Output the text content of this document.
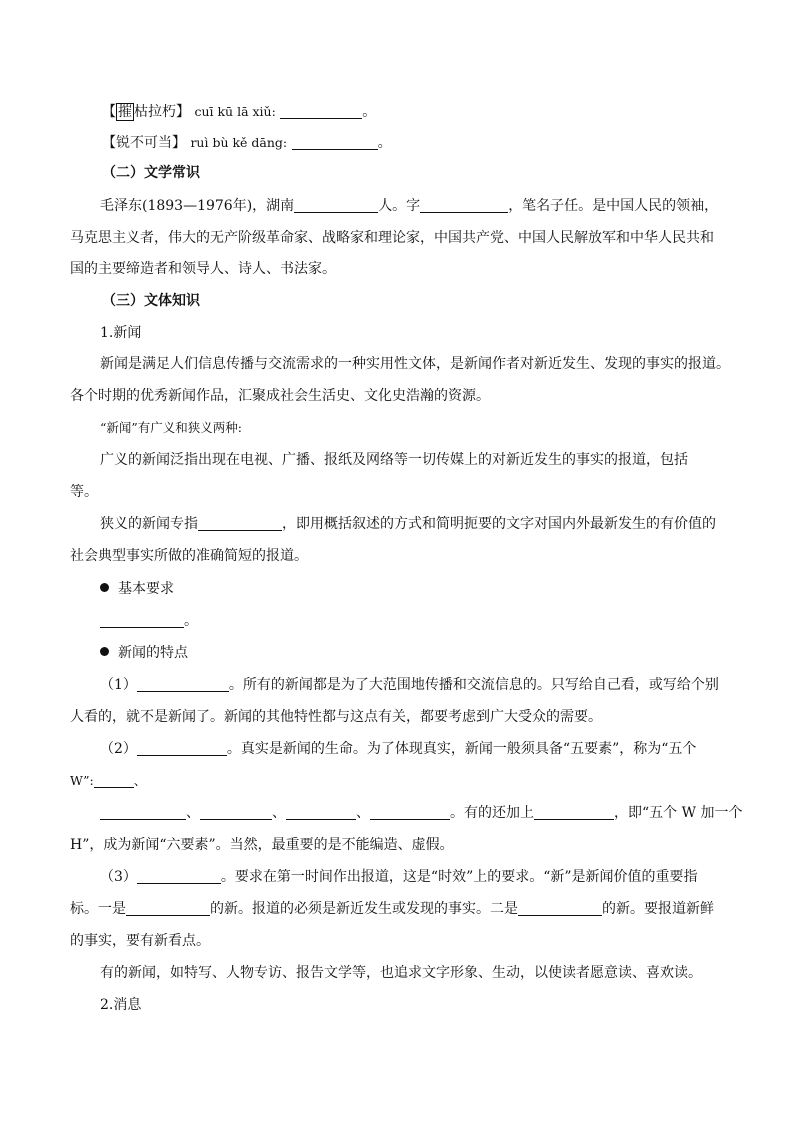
【 摧 枯拉朽】 cuī kū lā xiǔ:	。
【锐不可当】 ruì bù kě dāng:	。
（二）文学常识
毛泽东(1893—1976年)，湖南	人。字	，笔名子任。是中国人民的领袖，
马克思主义者，伟大的无产阶级革命家、战略家和理论家，中国共产党、中国人民解放军和中华人民共和
国的主要缔造者和领导人、诗人、书法家。
（三）文体知识
1.新闻
新闻是满足人们信息传播与交流需求的一种实用性文体，是新闻作者对新近发生、发现的事实的报道。
各个时期的优秀新闻作品，汇聚成社会生活史、文化史浩瀚的资源。
“新闻”有广义和狭义两种:
广义的新闻泛指出现在电视、广播、报纸及网络等一切传媒上的对新近发生的事实的报道，包括
等。
狭义的新闻专指	，即用概括叙述的方式和简明扼要的文字对国内外最新发生的有价值的
社会典型事实所做的准确简短的报道。
基本要求
。
新闻的特点
（1）	。所有的新闻都是为了大范围地传播和交流信息的。只写给自己看，或写给个别
人看的，就不是新闻了。新闻的其他特性都与这点有关，都要考虑到广大受众的需要。
（2）	。真实是新闻的生命。为了体现真实，新闻一般须具备“五要素”，称为“五个
W”:	、
、	、	、	。有的还加上	，即“五个 W 加一个
H”，成为新闻“六要素”。当然，最重要的是不能编造、虚假。
（3）	。要求在第一时间作出报道，这是“时效”上的要求。“新”是新闻价值的重要指
标。一是	的新。报道的必须是新近发生或发现的事实。二是	的新。要报道新鲜
的事实，要有新看点。
有的新闻，如特写、人物专访、报告文学等，也追求文字形象、生动，以使读者愿意读、喜欢读。
2.消息
